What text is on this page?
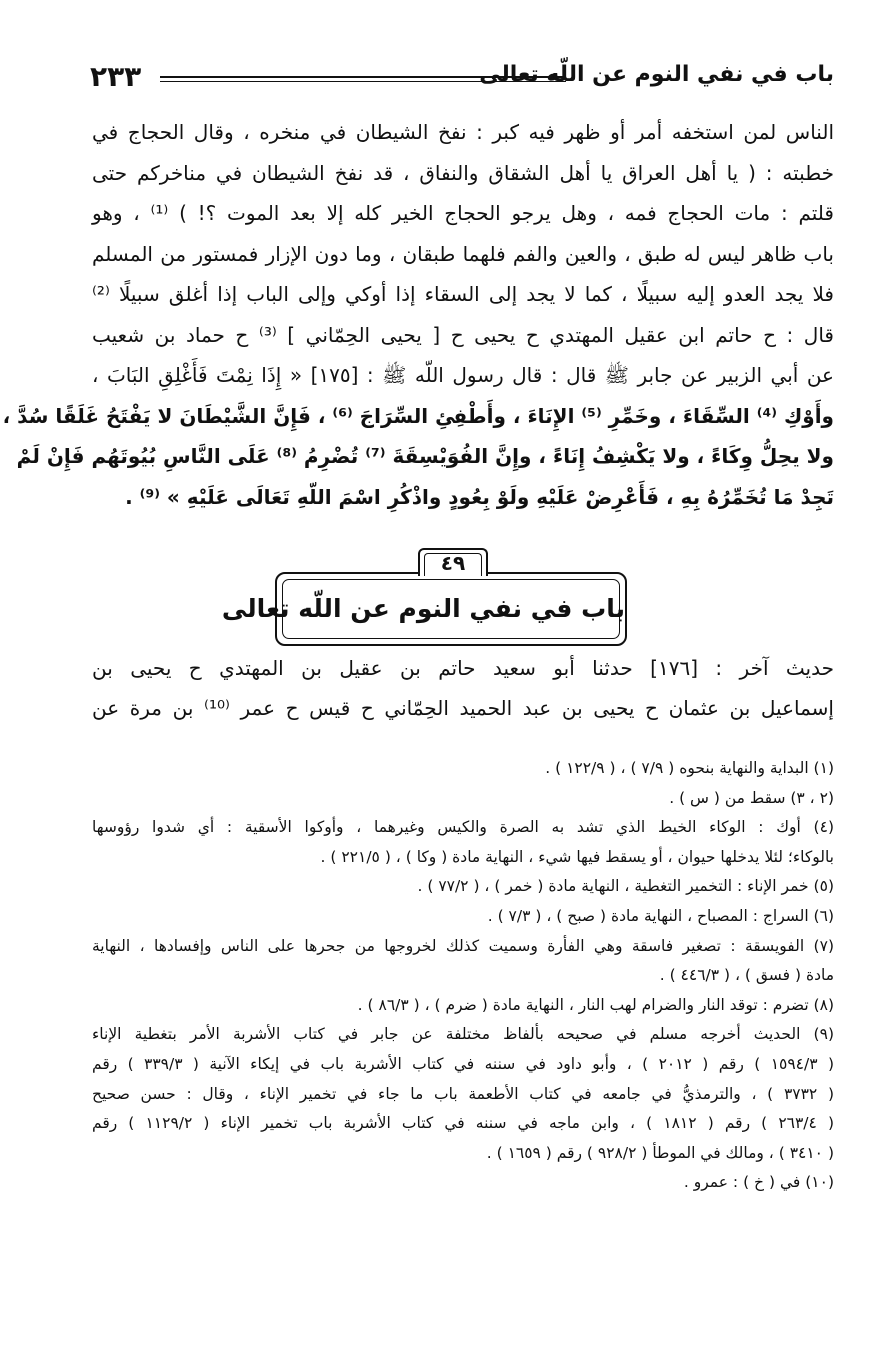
٢٣٣	باب في نفي النوم عن اللّه تعالى
الناس لمن استخفه أمر أو ظهر فيه كبر : نفخ الشيطان في منخره ، وقال الحجاج في
خطبته : ( يا أهل العراق يا أهل الشقاق والنفاق ، قد نفخ الشيطان في مناخركم حتى
قلتم : مات الحجاج فمه ، وهل يرجو الحجاج الخير كله إلا بعد الموت ؟! ) ⁽¹⁾ ، وهو
باب ظاهر ليس له طبق ، والعين والفم فلهما طبقان ، وما دون الإزار فمستور من المسلم
فلا يجد العدو إليه سبيلًا ، كما لا يجد إلى السقاء إذا أوكي وإلى الباب إذا أغلق سبيلًا ⁽²⁾
قال : ح حاتم ابن عقيل المهتدي ح يحيى ح [ يحيى الحِمّاني ] ⁽³⁾ ح حماد بن شعيب
عن أبي الزبير عن جابر ﷺ قال : قال رسول اللّه ﷺ : [١٧٥] « إِذَا نِمْتَ فَأَغْلِقِ البَابَ ،
وأَوْكِ ⁽⁴⁾ السِّقَاءَ ، وخَمِّرِ ⁽⁵⁾ الإِنَاءَ ، وأَطْفِئِ السِّرَاجَ ⁽⁶⁾ ، فَإِنَّ الشَّيْطَانَ لا يَفْتَحُ غَلَقًا سُدَّ ،
ولا يحِلُّ وِكَاءً ، ولا يَكْشِفُ إِنَاءً ، وإِنَّ الفُوَيْسِقَةَ ⁽⁷⁾ تُضْرِمُ ⁽⁸⁾ عَلَى النَّاسِ بُيُوتَهُم فَإِنْ لَمْ
تَجِدْ مَا تُخَمِّرُهُ بِهِ ، فَأَعْرِضْ عَلَيْهِ ولَوْ بِعُودٍ واذْكُرِ اسْمَ اللّهِ تَعَالَى عَلَيْهِ » ⁽⁹⁾ .
٤٩
باب في نفي النوم عن اللّه تعالى
حديث آخر : [١٧٦] حدثنا أبو سعيد حاتم بن عقيل بن المهتدي ح يحيى بن
إسماعيل بن عثمان ح يحيى بن عبد الحميد الحِمّاني ح قيس ح عمر ⁽¹⁰⁾ بن مرة عن
(١) البداية والنهاية بنحوه ( ٧/٩ ) ، ( ١٢٢/٩ ) .
(٢ ، ٣) سقط من ( س ) .
(٤) أوك : الوكاء الخيط الذي تشد به الصرة والكيس وغيرهما ، وأوكوا الأسقية : أي شدوا رؤوسها
بالوكاء؛ لئلا يدخلها حيوان ، أو يسقط فيها شيء ، النهاية مادة ( وكا ) ، ( ٢٢١/٥ ) .
(٥) خمر الإناء : التخمير التغطية ، النهاية مادة ( خمر ) ، ( ٧٧/٢ ) .
(٦) السراج : المصباح ، النهاية مادة ( صبح ) ، ( ٧/٣ ) .
(٧) الفويسقة : تصغير فاسقة وهي الفأرة وسميت كذلك لخروجها من جحرها على الناس وإفسادها ، النهاية
مادة ( فسق ) ، ( ٤٤٦/٣ ) .
(٨) تضرم : توقد النار والضرام لهب النار ، النهاية مادة ( ضرم ) ، ( ٨٦/٣ ) .
(٩) الحديث أخرجه مسلم في صحيحه بألفاظ مختلفة عن جابر في كتاب الأشربة الأمر بتغطية الإناء
( ١٥٩٤/٣ ) رقم ( ٢٠١٢ ) ، وأبو داود في سننه في كتاب الأشربة باب في إيكاء الآنية ( ٣٣٩/٣ ) رقم
( ٣٧٣٢ ) ، والترمذيُّ في جامعه في كتاب الأطعمة باب ما جاء في تخمير الإناء ، وقال : حسن صحيح
( ٢٦٣/٤ ) رقم ( ١٨١٢ ) ، وابن ماجه في سننه في كتاب الأشربة باب تخمير الإناء ( ١١٢٩/٢ ) رقم
( ٣٤١٠ ) ، ومالك في الموطأ ( ٩٢٨/٢ ) رقم ( ١٦٥٩ ) .
(١٠) في ( خ ) : عمرو .
